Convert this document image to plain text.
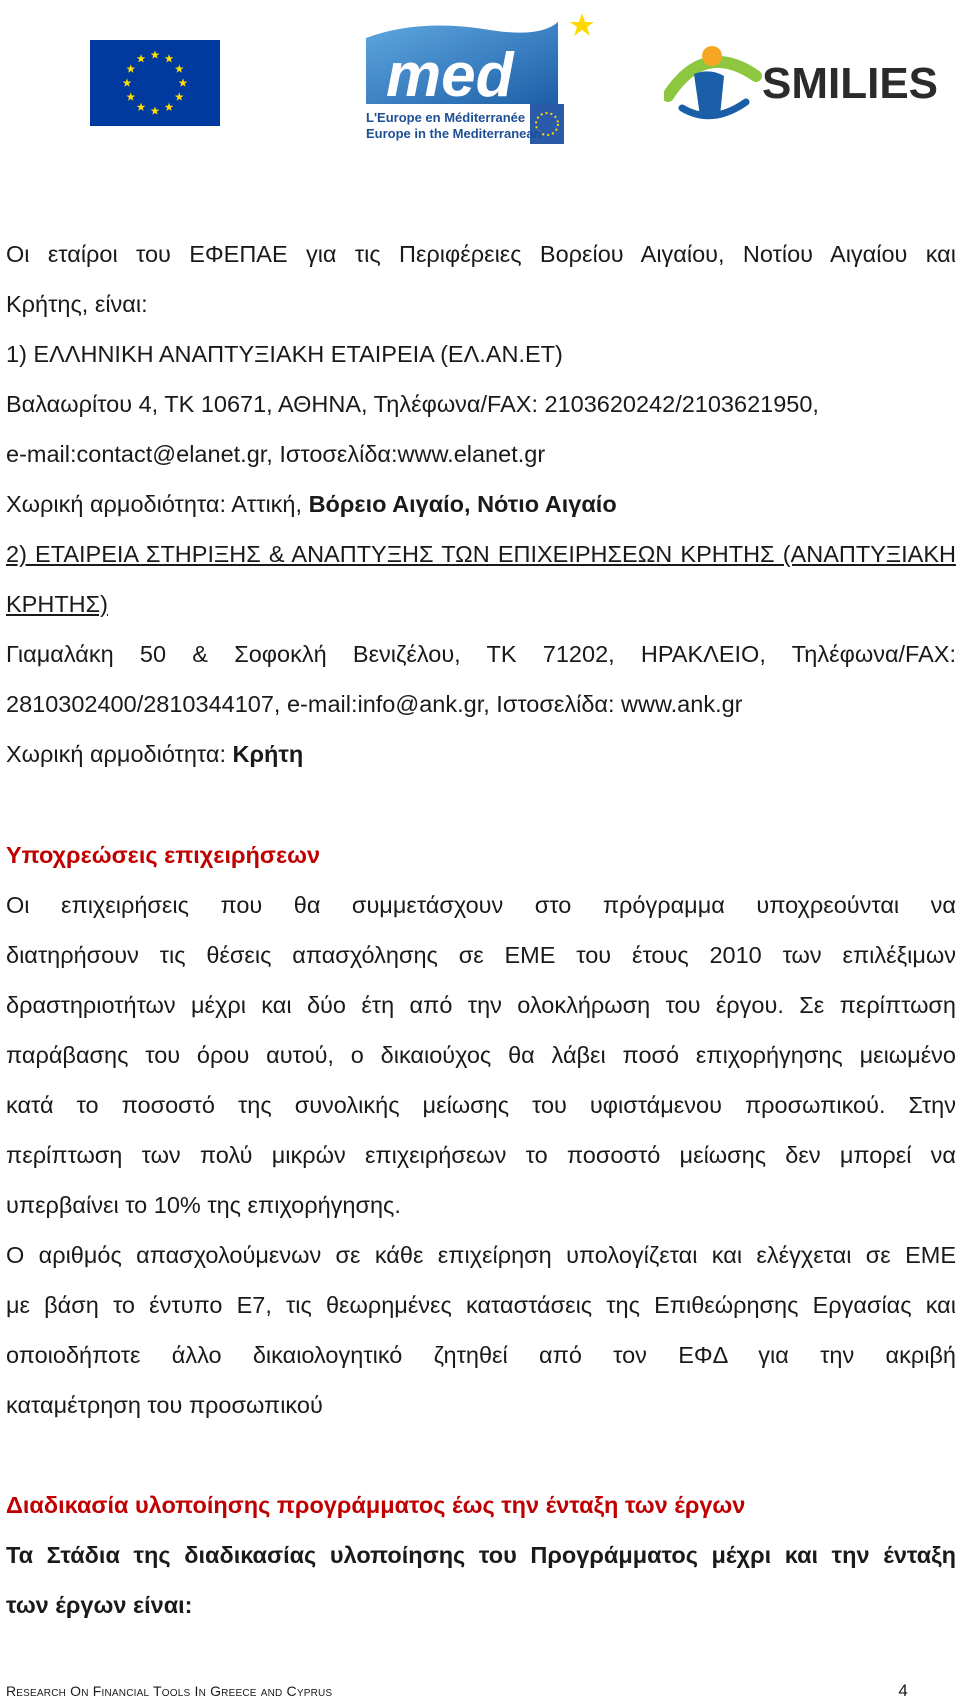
med
L'Europe en Méditerranée
Europe in the Mediterranean
SMILIES
Οι εταίροι του ΕΦΕΠΑΕ για τις Περιφέρειες Βορείου Αιγαίου, Νοτίου Αιγαίου και
Κρήτης, είναι:
1) ΕΛΛΗΝΙΚΗ ΑΝΑΠΤΥΞΙΑΚΗ ΕΤΑΙΡΕΙΑ (ΕΛ.ΑΝ.ΕΤ)
Βαλαωρίτου 4, ΤΚ 10671, ΑΘΗΝΑ, Τηλέφωνα/FAX: 2103620242/2103621950,
e-mail:contact@elanet.gr, Ιστοσελίδα:www.elanet.gr
Χωρική αρμοδιότητα: Αττική, Βόρειο Αιγαίο, Νότιο Αιγαίο
2) ΕΤΑΙΡΕΙΑ ΣΤΗΡΙΞΗΣ & ΑΝΑΠΤΥΞΗΣ ΤΩΝ ΕΠΙΧΕΙΡΗΣΕΩΝ ΚΡΗΤΗΣ (ΑΝΑΠΤΥΞΙΑΚΗ
ΚΡΗΤΗΣ)
Γιαμαλάκη 50 & Σοφοκλή Βενιζέλου, ΤΚ 71202, ΗΡΑΚΛΕΙΟ, Τηλέφωνα/FAX:
2810302400/2810344107, e-mail:info@ank.gr, Ιστοσελίδα: www.ank.gr
Χωρική αρμοδιότητα: Κρήτη
Υποχρεώσεις επιχειρήσεων
Οι επιχειρήσεις που θα συμμετάσχουν στο πρόγραμμα υποχρεούνται να
διατηρήσουν τις θέσεις απασχόλησης σε ΕΜΕ του έτους 2010 των επιλέξιμων
δραστηριοτήτων μέχρι και δύο έτη από την ολοκλήρωση του έργου. Σε περίπτωση
παράβασης του όρου αυτού, ο δικαιούχος θα λάβει ποσό επιχορήγησης μειωμένο
κατά το ποσοστό της συνολικής μείωσης του υφιστάμενου προσωπικού. Στην
περίπτωση των πολύ μικρών επιχειρήσεων το ποσοστό μείωσης δεν μπορεί να
υπερβαίνει το 10% της επιχορήγησης.
Ο αριθμός απασχολούμενων σε κάθε επιχείρηση υπολογίζεται και ελέγχεται σε ΕΜΕ
με βάση το έντυπο Ε7, τις θεωρημένες καταστάσεις της Επιθεώρησης Εργασίας και
οποιοδήποτε άλλο δικαιολογητικό ζητηθεί από τον ΕΦΔ για την ακριβή
καταμέτρηση του προσωπικού
Διαδικασία υλοποίησης προγράμματος έως την ένταξη των έργων
Τα Στάδια της διαδικασίας υλοποίησης του Προγράμματος μέχρι και την ένταξη
των έργων είναι:
Research On Financial Tools In Greece and Cyprus	4
